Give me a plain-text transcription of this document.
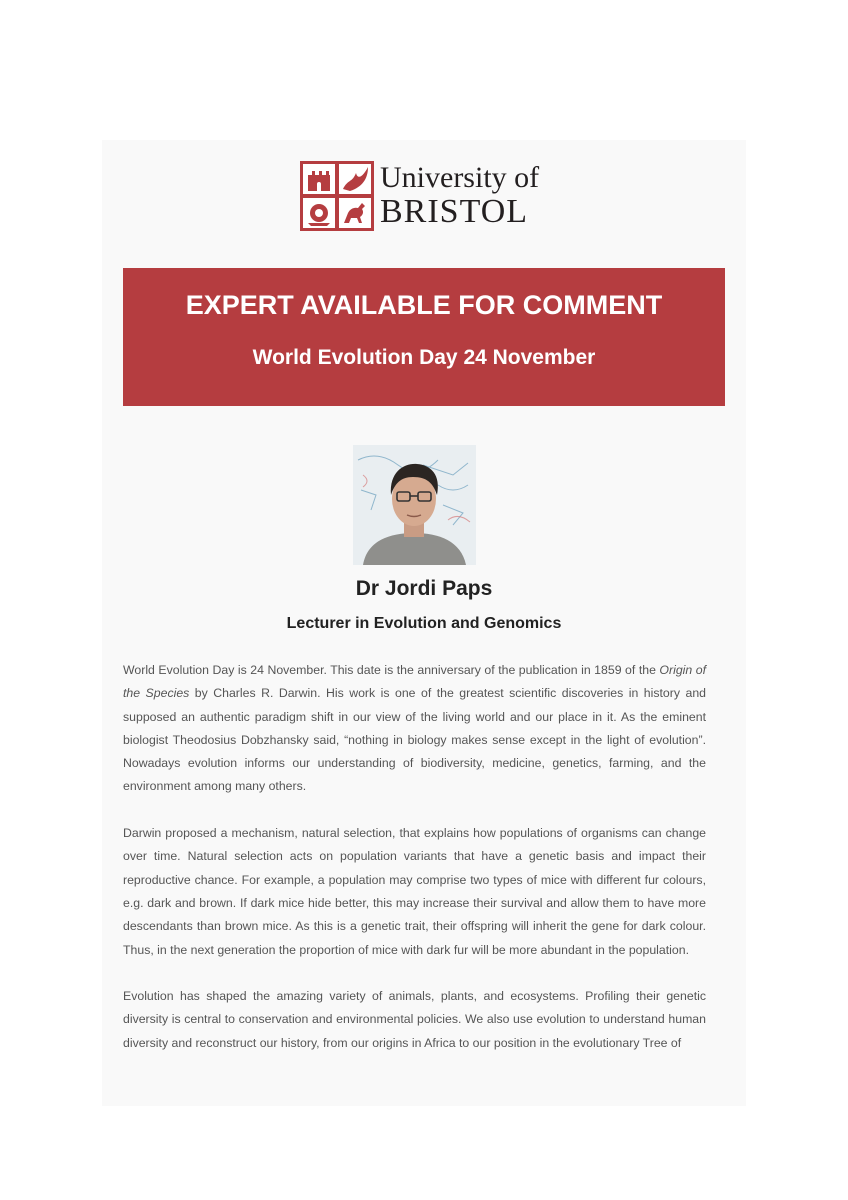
University of
BRISTOL
EXPERT AVAILABLE FOR COMMENT
World Evolution Day 24 November
Dr Jordi Paps
Lecturer in Evolution and Genomics

World Evolution Day is 24 November. This date is the anniversary of the publication in 1859 of the Origin of the Species by Charles R. Darwin. His work is one of the greatest scientific discoveries in history and supposed an authentic paradigm shift in our view of the living world and our place in it. As the eminent biologist Theodosius Dobzhansky said, “nothing in biology makes sense except in the light of evolution”. Nowadays evolution informs our understanding of biodiversity, medicine, genetics, farming, and the environment among many others.

Darwin proposed a mechanism, natural selection, that explains how populations of organisms can change over time. Natural selection acts on population variants that have a genetic basis and impact their reproductive chance. For example, a population may comprise two types of mice with different fur colours, e.g. dark and brown. If dark mice hide better, this may increase their survival and allow them to have more descendants than brown mice. As this is a genetic trait, their offspring will inherit the gene for dark colour. Thus, in the next generation the proportion of mice with dark fur will be more abundant in the population.

Evolution has shaped the amazing variety of animals, plants, and ecosystems. Profiling their genetic diversity is central to conservation and environmental policies. We also use evolution to understand human diversity and reconstruct our history, from our origins in Africa to our position in the evolutionary Tree of
